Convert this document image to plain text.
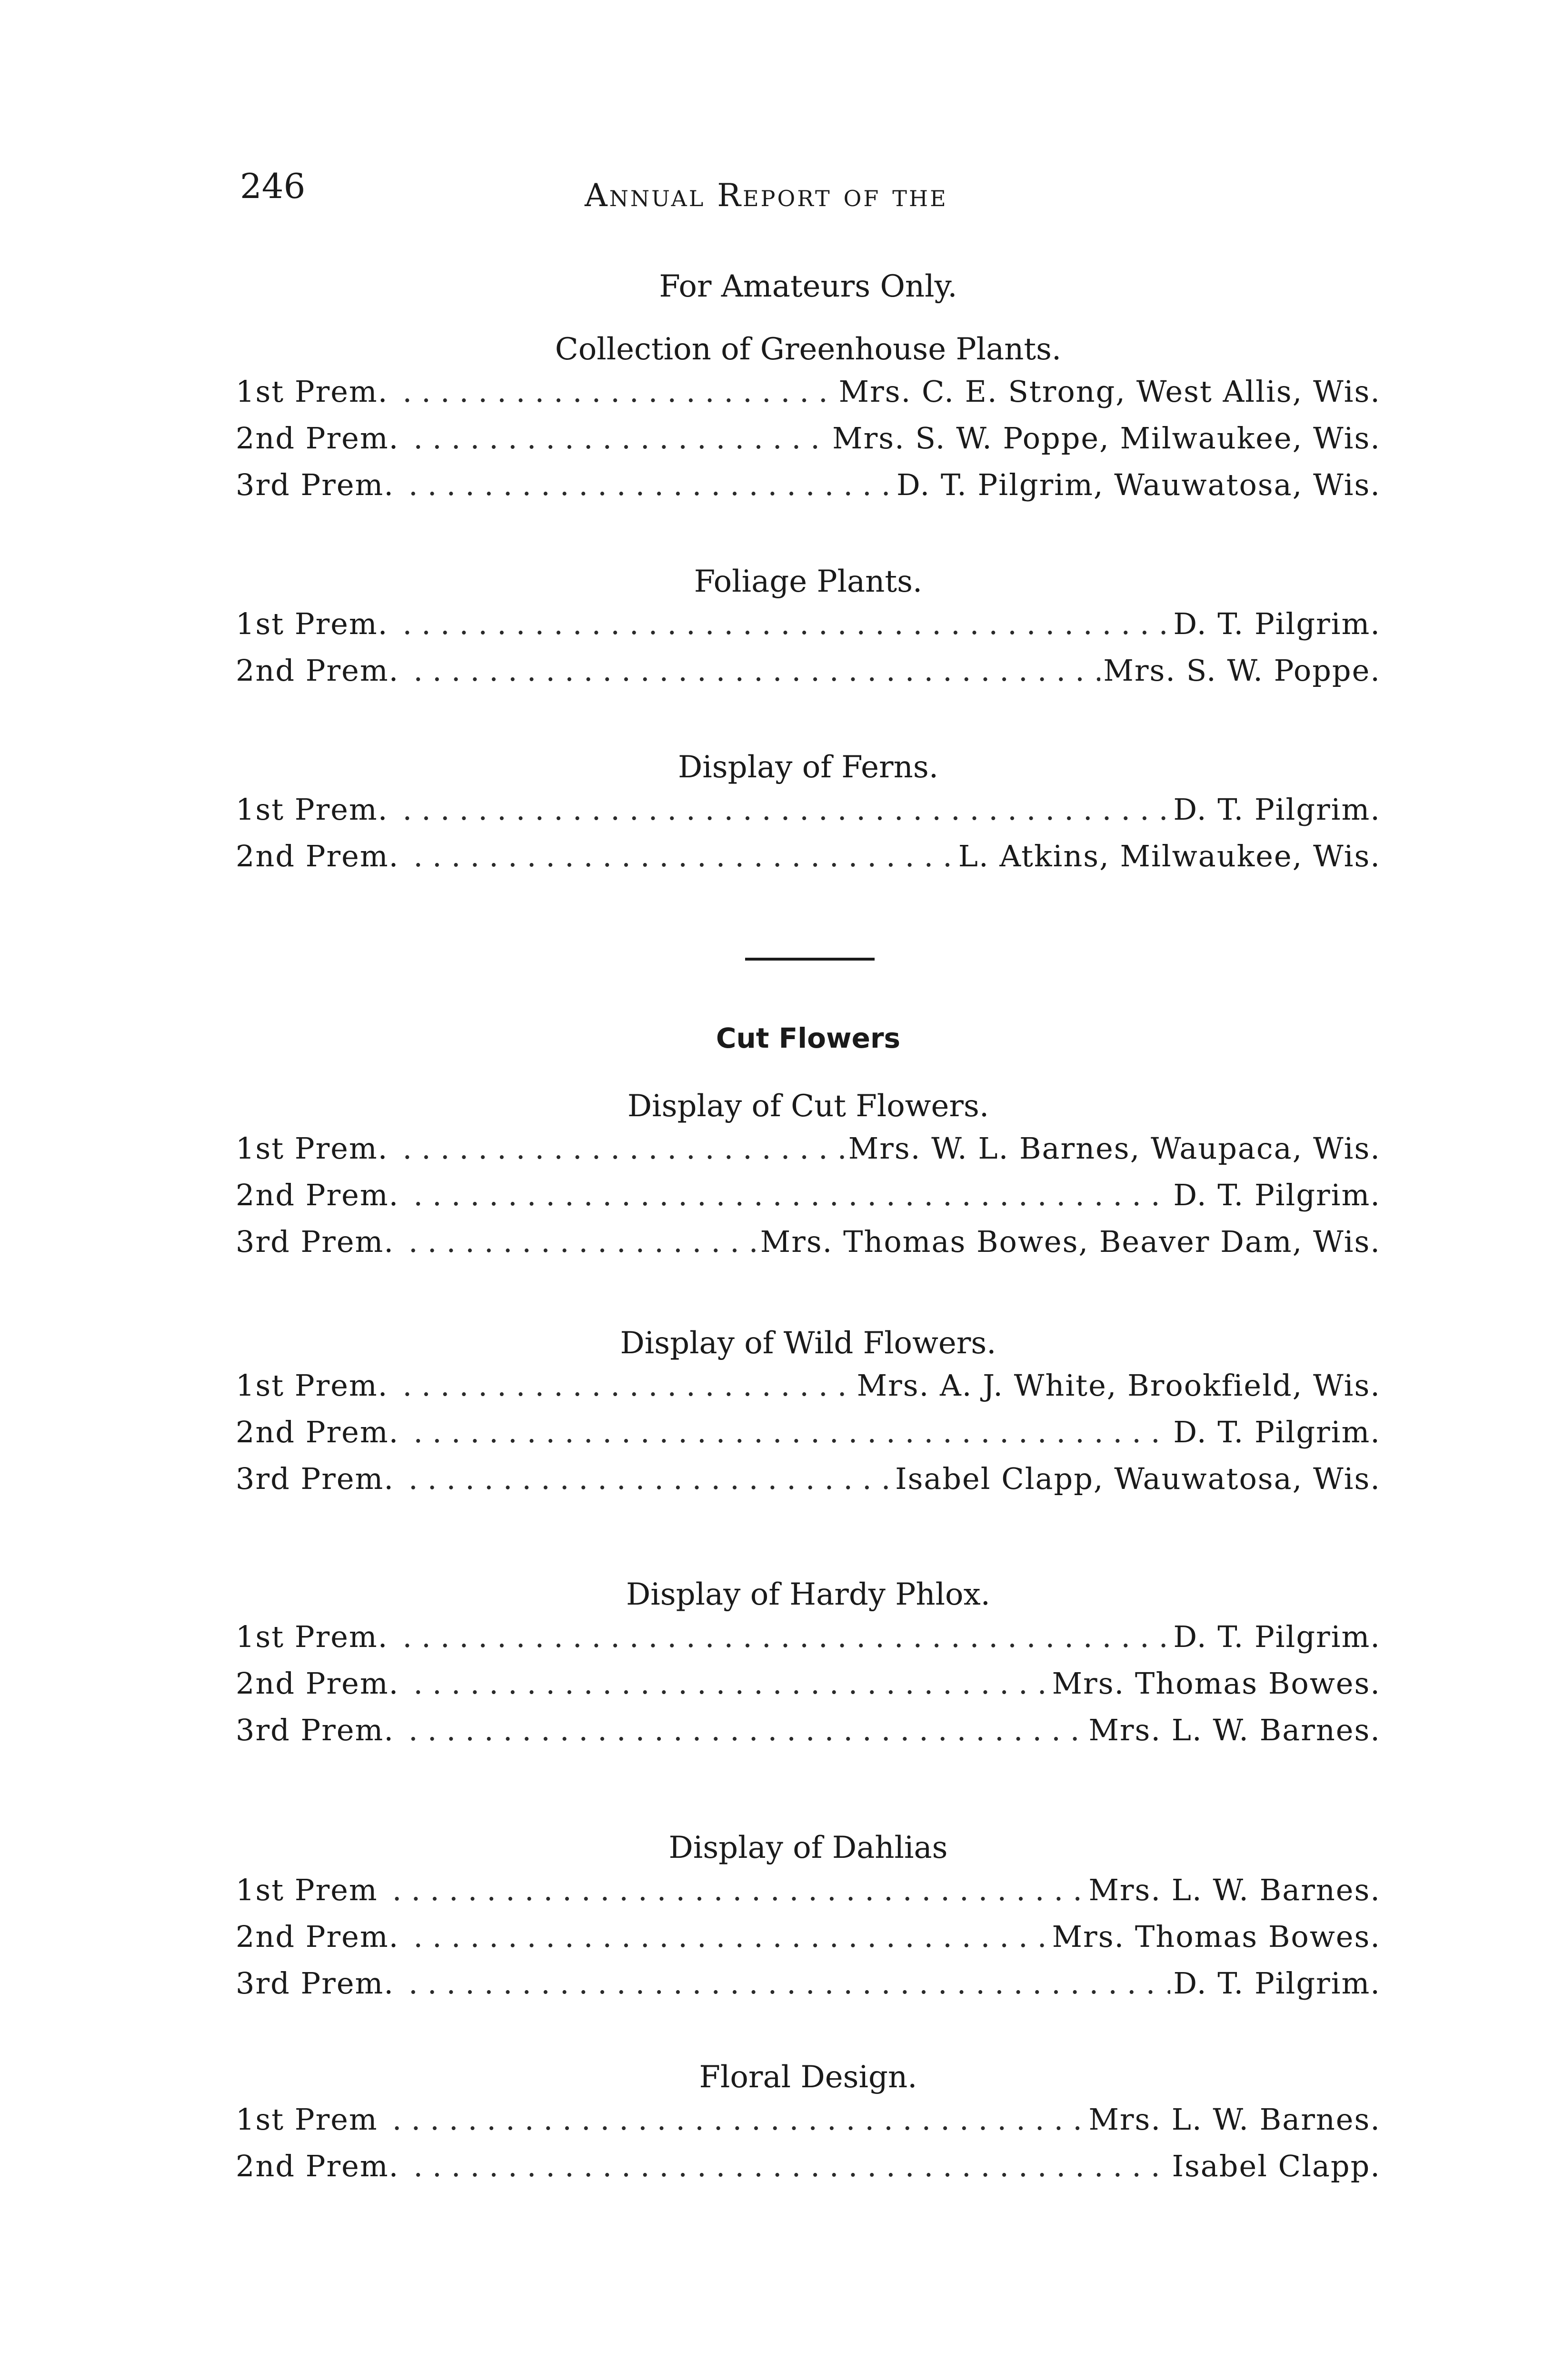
246	Annual Report of the
For Amateurs Only.
Collection of Greenhouse Plants.
1st Prem. .....	Mrs. C. E. Strong, West Allis, Wis.
2nd Prem. .....	Mrs. S. W. Poppe, Milwaukee, Wis.
3rd Prem. .....	D. T. Pilgrim, Wauwatosa, Wis.
Foliage Plants.
1st Prem. .....	D. T. Pilgrim.
2nd Prem. .....	Mrs. S. W. Poppe.
Display of Ferns.
1st Prem. .....	D. T. Pilgrim.
2nd Prem. .....	L. Atkins, Milwaukee, Wis.
Cut Flowers
Display of Cut Flowers.
1st Prem. .....	Mrs. W. L. Barnes, Waupaca, Wis.
2nd Prem. .....	D. T. Pilgrim.
3rd Prem. .....	Mrs. Thomas Bowes, Beaver Dam, Wis.
Display of Wild Flowers.
1st Prem. .....	Mrs. A. J. White, Brookfield, Wis.
2nd Prem. .....	D. T. Pilgrim.
3rd Prem. .....	Isabel Clapp, Wauwatosa, Wis.
Display of Hardy Phlox.
1st Prem. .....	D. T. Pilgrim.
2nd Prem. .....	Mrs. Thomas Bowes.
3rd Prem. .....	Mrs. L. W. Barnes.
Display of Dahlias
1st Prem .....	Mrs. L. W. Barnes.
2nd Prem. .....	Mrs. Thomas Bowes.
3rd Prem. .....	D. T. Pilgrim.
Floral Design.
1st Prem .....	Mrs. L. W. Barnes.
2nd Prem. .....	Isabel Clapp.
